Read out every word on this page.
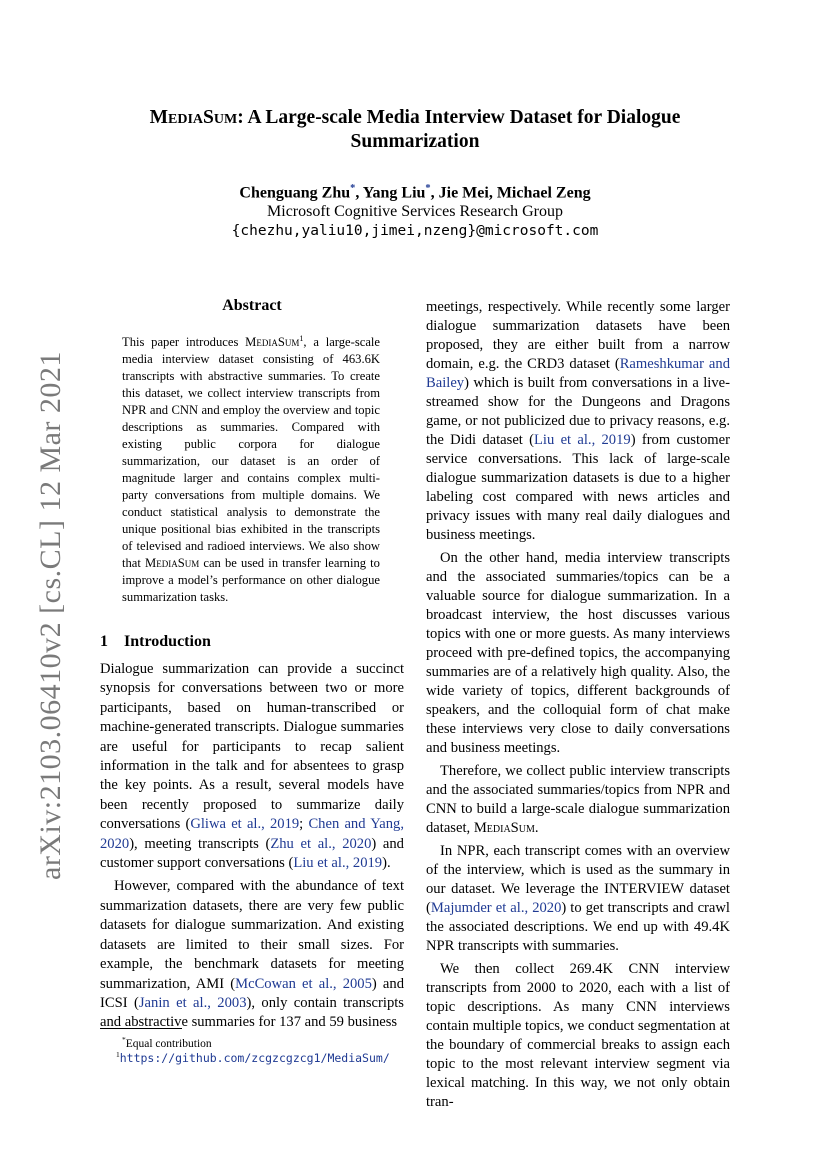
arXiv:2103.06410v2 [cs.CL] 12 Mar 2021
MediaSum: A Large-scale Media Interview Dataset for Dialogue Summarization
Chenguang Zhu*, Yang Liu*, Jie Mei, Michael Zeng
Microsoft Cognitive Services Research Group
{chezhu,yaliu10,jimei,nzeng}@microsoft.com
Abstract
This paper introduces MediaSum$^1$, a large-scale media interview dataset consisting of 463.6K transcripts with abstractive summaries. To create this dataset, we collect interview transcripts from NPR and CNN and employ the overview and topic descriptions as summaries. Compared with existing public corpora for dialogue summarization, our dataset is an order of magnitude larger and contains complex multi-party conversations from multiple domains. We conduct statistical analysis to demonstrate the unique positional bias exhibited in the transcripts of televised and radioed interviews. We also show that MediaSum can be used in transfer learning to improve a model’s performance on other dialogue summarization tasks.
1 Introduction

Dialogue summarization can provide a succinct synopsis for conversations between two or more participants, based on human-transcribed or machine-generated transcripts. Dialogue summaries are useful for participants to recap salient information in the talk and for absentees to grasp the key points. As a result, several models have been recently proposed to summarize daily conversations (Gliwa et al., 2019; Chen and Yang, 2020), meeting transcripts (Zhu et al., 2020) and customer support conversations (Liu et al., 2019).

However, compared with the abundance of text summarization datasets, there are very few public datasets for dialogue summarization. And existing datasets are limited to their small sizes. For example, the benchmark datasets for meeting summarization, AMI (McCowan et al., 2005) and ICSI (Janin et al., 2003), only contain transcripts and abstractive summaries for 137 and 59 business

meetings, respectively. While recently some larger dialogue summarization datasets have been proposed, they are either built from a narrow domain, e.g. the CRD3 dataset (Rameshkumar and Bailey) which is built from conversations in a live-streamed show for the Dungeons and Dragons game, or not publicized due to privacy reasons, e.g. the Didi dataset (Liu et al., 2019) from customer service conversations. This lack of large-scale dialogue summarization datasets is due to a higher labeling cost compared with news articles and privacy issues with many real daily dialogues and business meetings.

On the other hand, media interview transcripts and the associated summaries/topics can be a valuable source for dialogue summarization. In a broadcast interview, the host discusses various topics with one or more guests. As many interviews proceed with pre-defined topics, the accompanying summaries are of a relatively high quality. Also, the wide variety of topics, different backgrounds of speakers, and the colloquial form of chat make these interviews very close to daily conversations and business meetings.

Therefore, we collect public interview transcripts and the associated summaries/topics from NPR and CNN to build a large-scale dialogue summarization dataset, MediaSum.

In NPR, each transcript comes with an overview of the interview, which is used as the summary in our dataset. We leverage the INTERVIEW dataset (Majumder et al., 2020) to get transcripts and crawl the associated descriptions. We end up with 49.4K NPR transcripts with summaries.

We then collect 269.4K CNN interview transcripts from 2000 to 2020, each with a list of topic descriptions. As many CNN interviews contain multiple topics, we conduct segmentation at the boundary of commercial breaks to assign each topic to the most relevant interview segment via lexical matching. In this way, we not only obtain tran-

*Equal contribution
$^1$https://github.com/zcgzcgzcg1/MediaSum/
